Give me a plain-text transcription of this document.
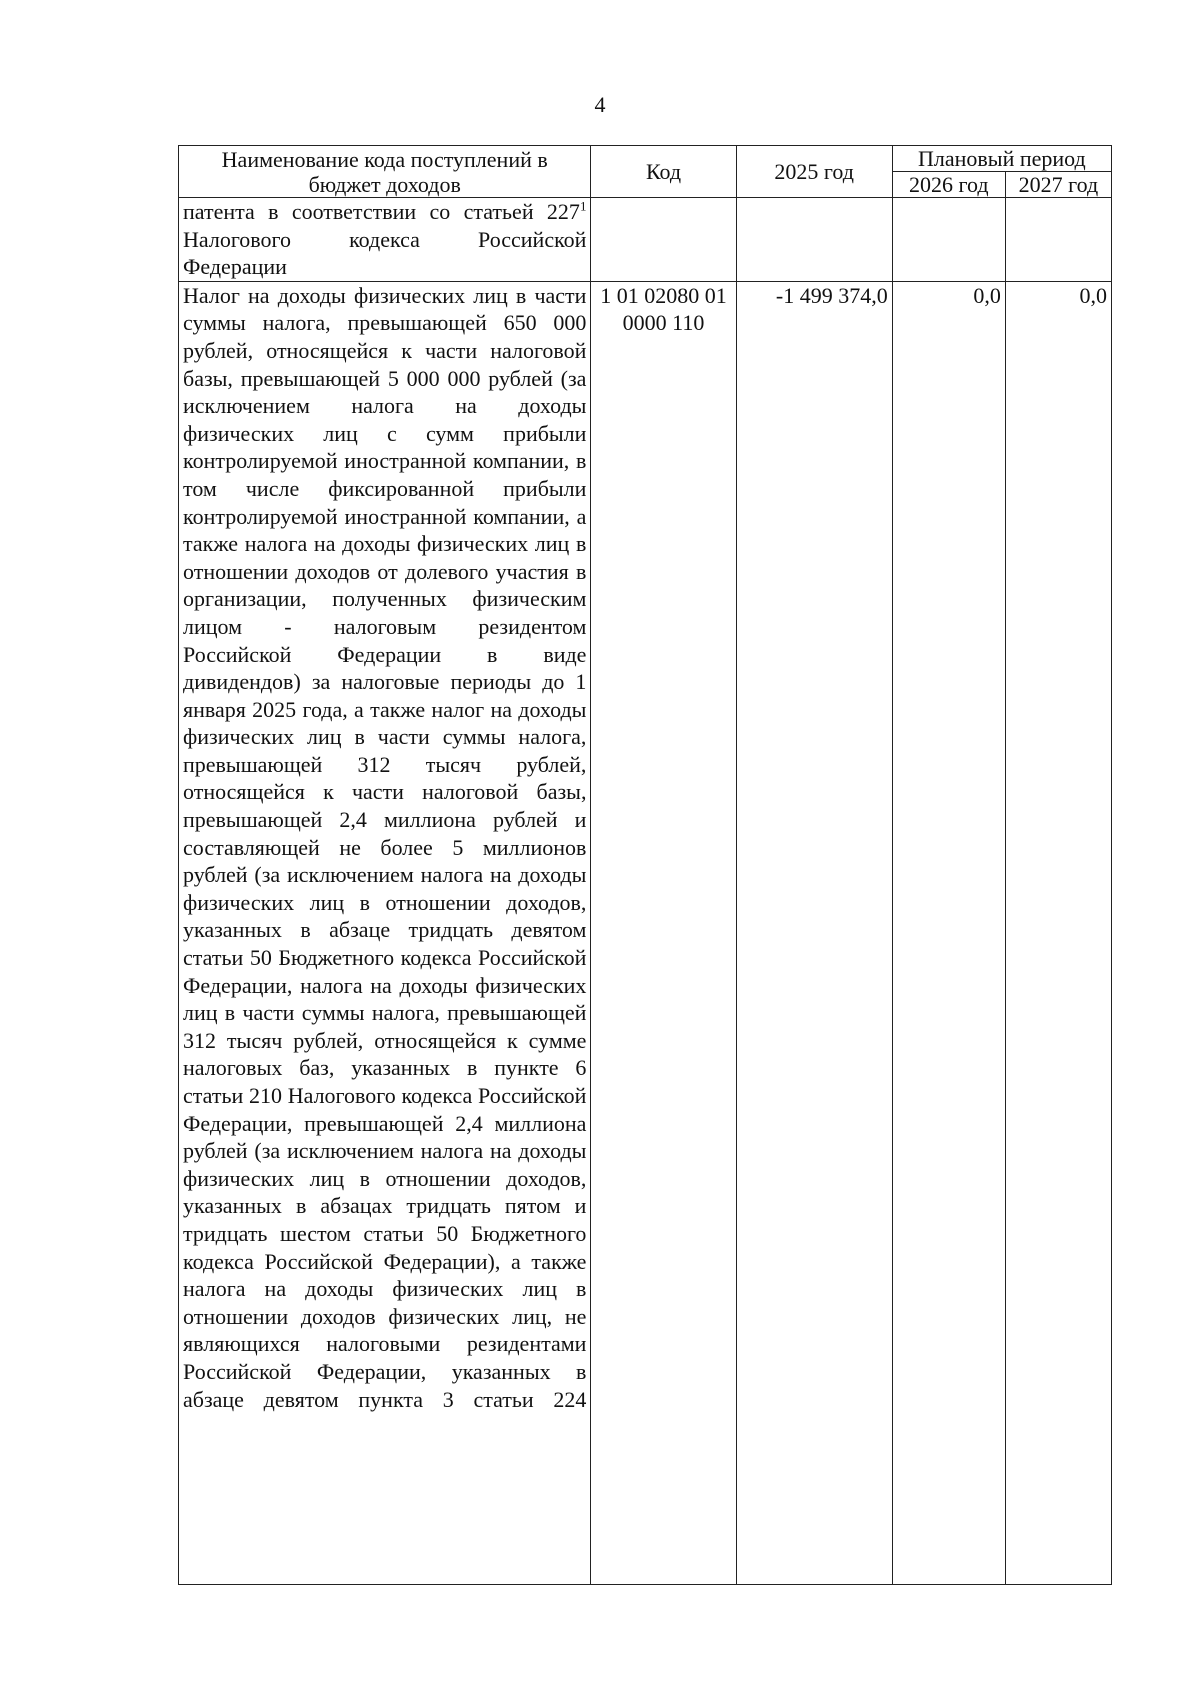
4
Наименование кода поступлений в бюджет доходов	Код	2025 год	Плановый период	
			2026 год	2027 год
патента в соответствии со статьей $227^1$ Налогового кодекса Российской Федерации				
Налог на доходы физических лиц в части суммы налога, превышающей 650 000 рублей, относящейся к части налоговой базы, превышающей 5 000 000 рублей (за исключением налога на доходы физических лиц с сумм прибыли контролируемой иностранной компании, в том числе фиксированной прибыли контролируемой иностранной компании, а также налога на доходы физических лиц в отношении доходов от долевого участия в организации, полученных физическим лицом - налоговым резидентом Российской Федерации в виде дивидендов) за налоговые периоды до 1 января 2025 года, а также налог на доходы физических лиц в части суммы налога, превышающей 312 тысяч рублей, относящейся к части налоговой базы, превышающей 2,4 миллиона рублей и составляющей не более 5 миллионов рублей (за исключением налога на доходы физических лиц в отношении доходов, указанных в абзаце тридцать девятом статьи 50 Бюджетного кодекса Российской Федерации, налога на доходы физических лиц в части суммы налога, превышающей 312 тысяч рублей, относящейся к сумме налоговых баз, указанных в пункте 6 статьи 210 Налогового кодекса Российской Федерации, превышающей 2,4 миллиона рублей (за исключением налога на доходы физических лиц в отношении доходов, указанных в абзацах тридцать пятом и тридцать шестом статьи 50 Бюджетного кодекса Российской Федерации), а также налога на доходы физических лиц в отношении доходов физических лиц, не являющихся налоговыми резидентами Российской Федерации, указанных в абзаце девятом пункта 3 статьи 224	1 01 02080 01 0000 110	-1 499 374,0	0,0	0,0
